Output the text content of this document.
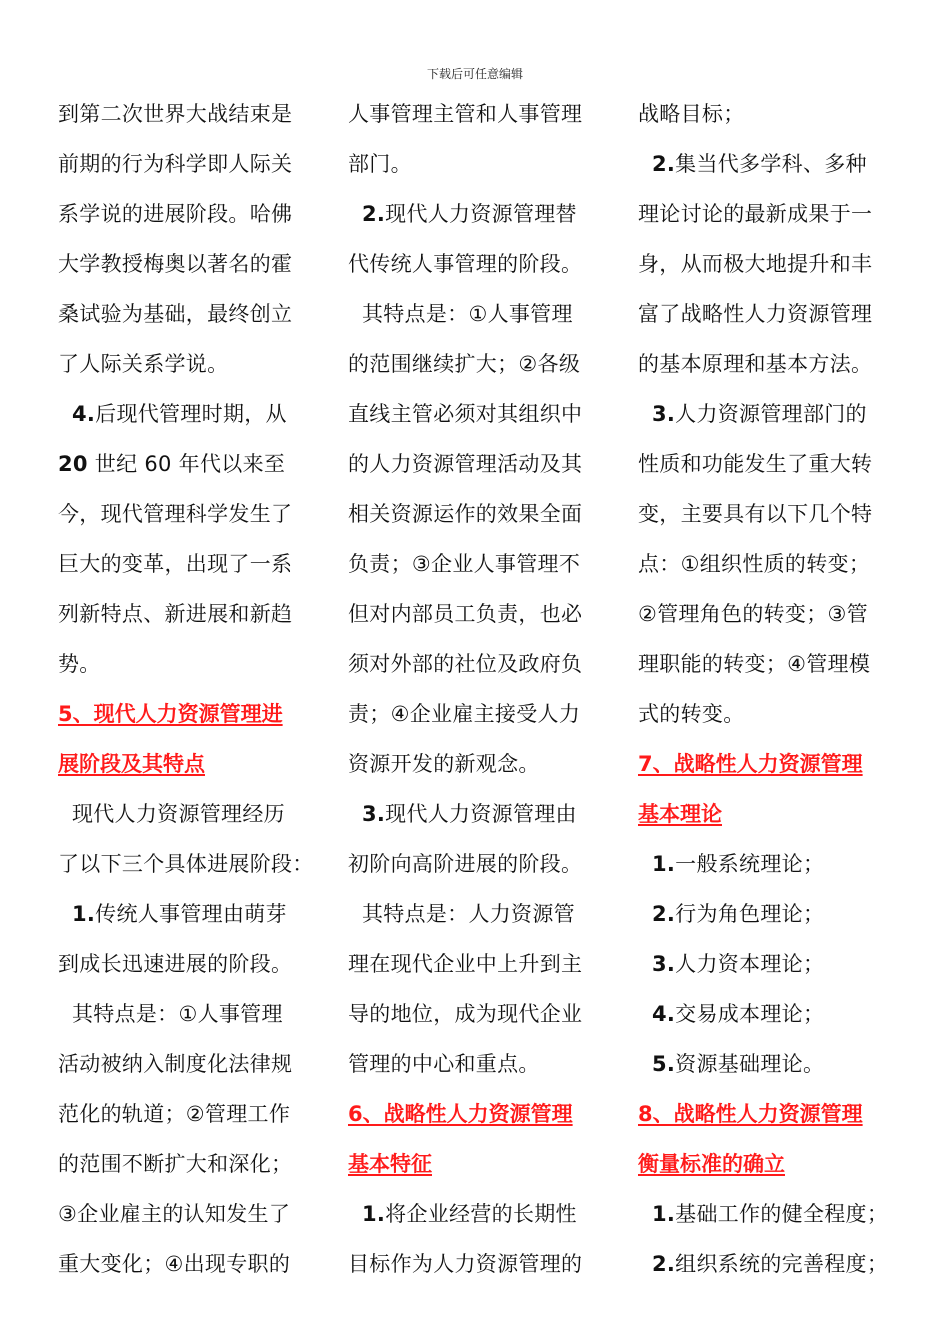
下载后可任意编辑
到第二次世界大战结束是
前期的行为科学即人际关
系学说的进展阶段。哈佛
大学教授梅奥以著名的霍
桑试验为基础，最终创立
了人际关系学说。
4.后现代管理时期，从
20 世纪 60 年代以来至
今，现代管理科学发生了
巨大的变革，出现了一系
列新特点、新进展和新趋
势。
5、现代人力资源管理进
展阶段及其特点
现代人力资源管理经历
了以下三个具体进展阶段：
1.传统人事管理由萌芽
到成长迅速进展的阶段。
其特点是：①人事管理
活动被纳入制度化法律规
范化的轨道；②管理工作
的范围不断扩大和深化；
③企业雇主的认知发生了
重大变化；④出现专职的
人事管理主管和人事管理
部门。
2.现代人力资源管理替
代传统人事管理的阶段。
其特点是：①人事管理
的范围继续扩大；②各级
直线主管必须对其组织中
的人力资源管理活动及其
相关资源运作的效果全面
负责；③企业人事管理不
但对内部员工负责，也必
须对外部的社位及政府负
责；④企业雇主接受人力
资源开发的新观念。
3.现代人力资源管理由
初阶向高阶进展的阶段。
其特点是：人力资源管
理在现代企业中上升到主
导的地位，成为现代企业
管理的中心和重点。
6、战略性人力资源管理
基本特征
1.将企业经营的长期性
目标作为人力资源管理的
战略目标；
2.集当代多学科、多种
理论讨论的最新成果于一
身，从而极大地提升和丰
富了战略性人力资源管理
的基本原理和基本方法。
3.人力资源管理部门的
性质和功能发生了重大转
变，主要具有以下几个特
点：①组织性质的转变；
②管理角色的转变；③管
理职能的转变；④管理模
式的转变。
7、战略性人力资源管理
基本理论
1.一般系统理论；
2.行为角色理论；
3.人力资本理论；
4.交易成本理论；
5.资源基础理论。
8、战略性人力资源管理
衡量标准的确立
1.基础工作的健全程度；
2.组织系统的完善程度；
